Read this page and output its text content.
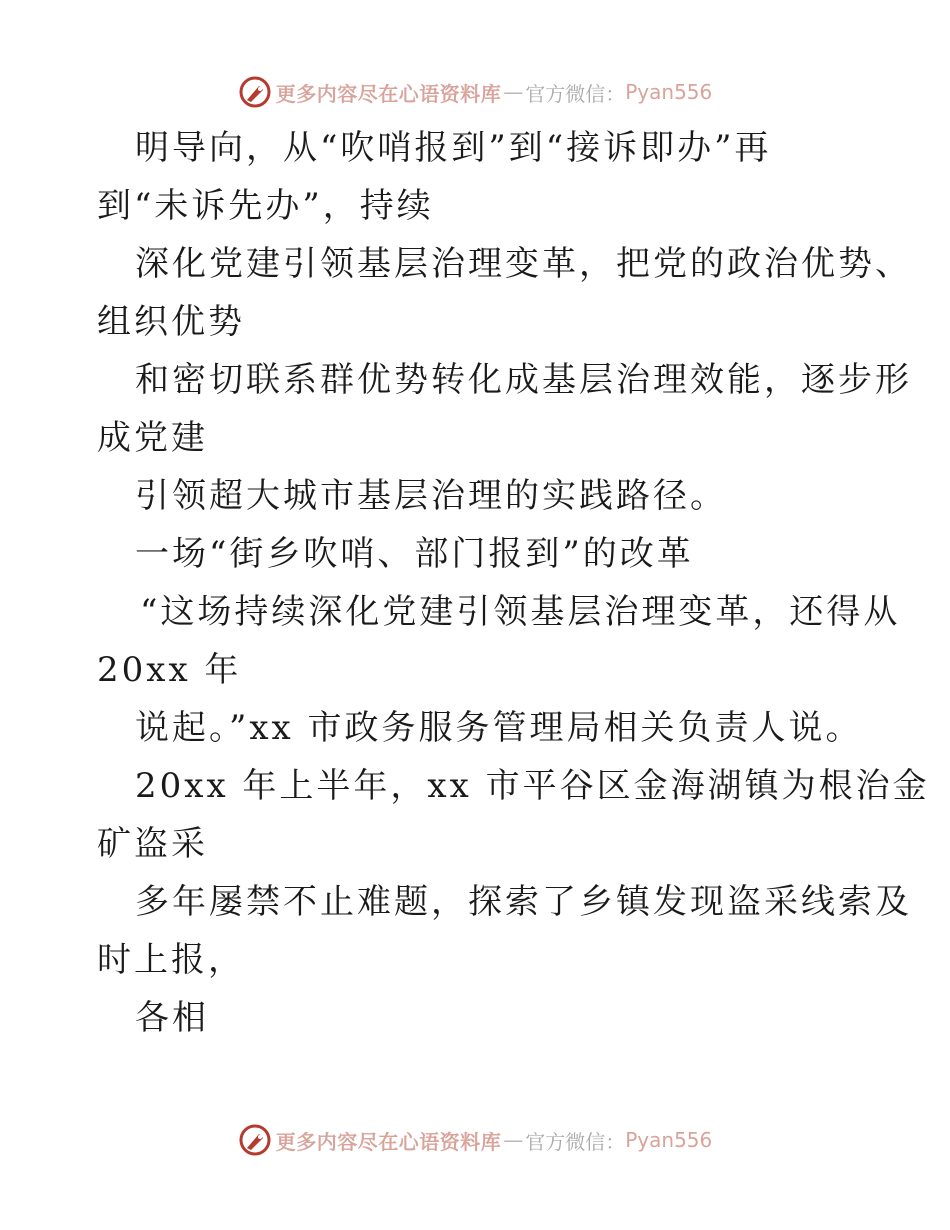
更多内容尽在心语资料库 — 官方微信： Pyan556
明导向，从“吹哨报到”到“接诉即办”再
到“未诉先办”，持续
深化党建引领基层治理变革，把党的政治优势、
组织优势
和密切联系群优势转化成基层治理效能，逐步形
成党建
引领超大城市基层治理的实践路径。
一场“街乡吹哨、部门报到”的改革
“这场持续深化党建引领基层治理变革，还得从
20xx 年
说起。”xx 市政务服务管理局相关负责人说。
20xx 年上半年，xx 市平谷区金海湖镇为根治金
矿盗采
多年屡禁不止难题，探索了乡镇发现盗采线索及
时上报，
各相
更多内容尽在心语资料库 — 官方微信： Pyan556
